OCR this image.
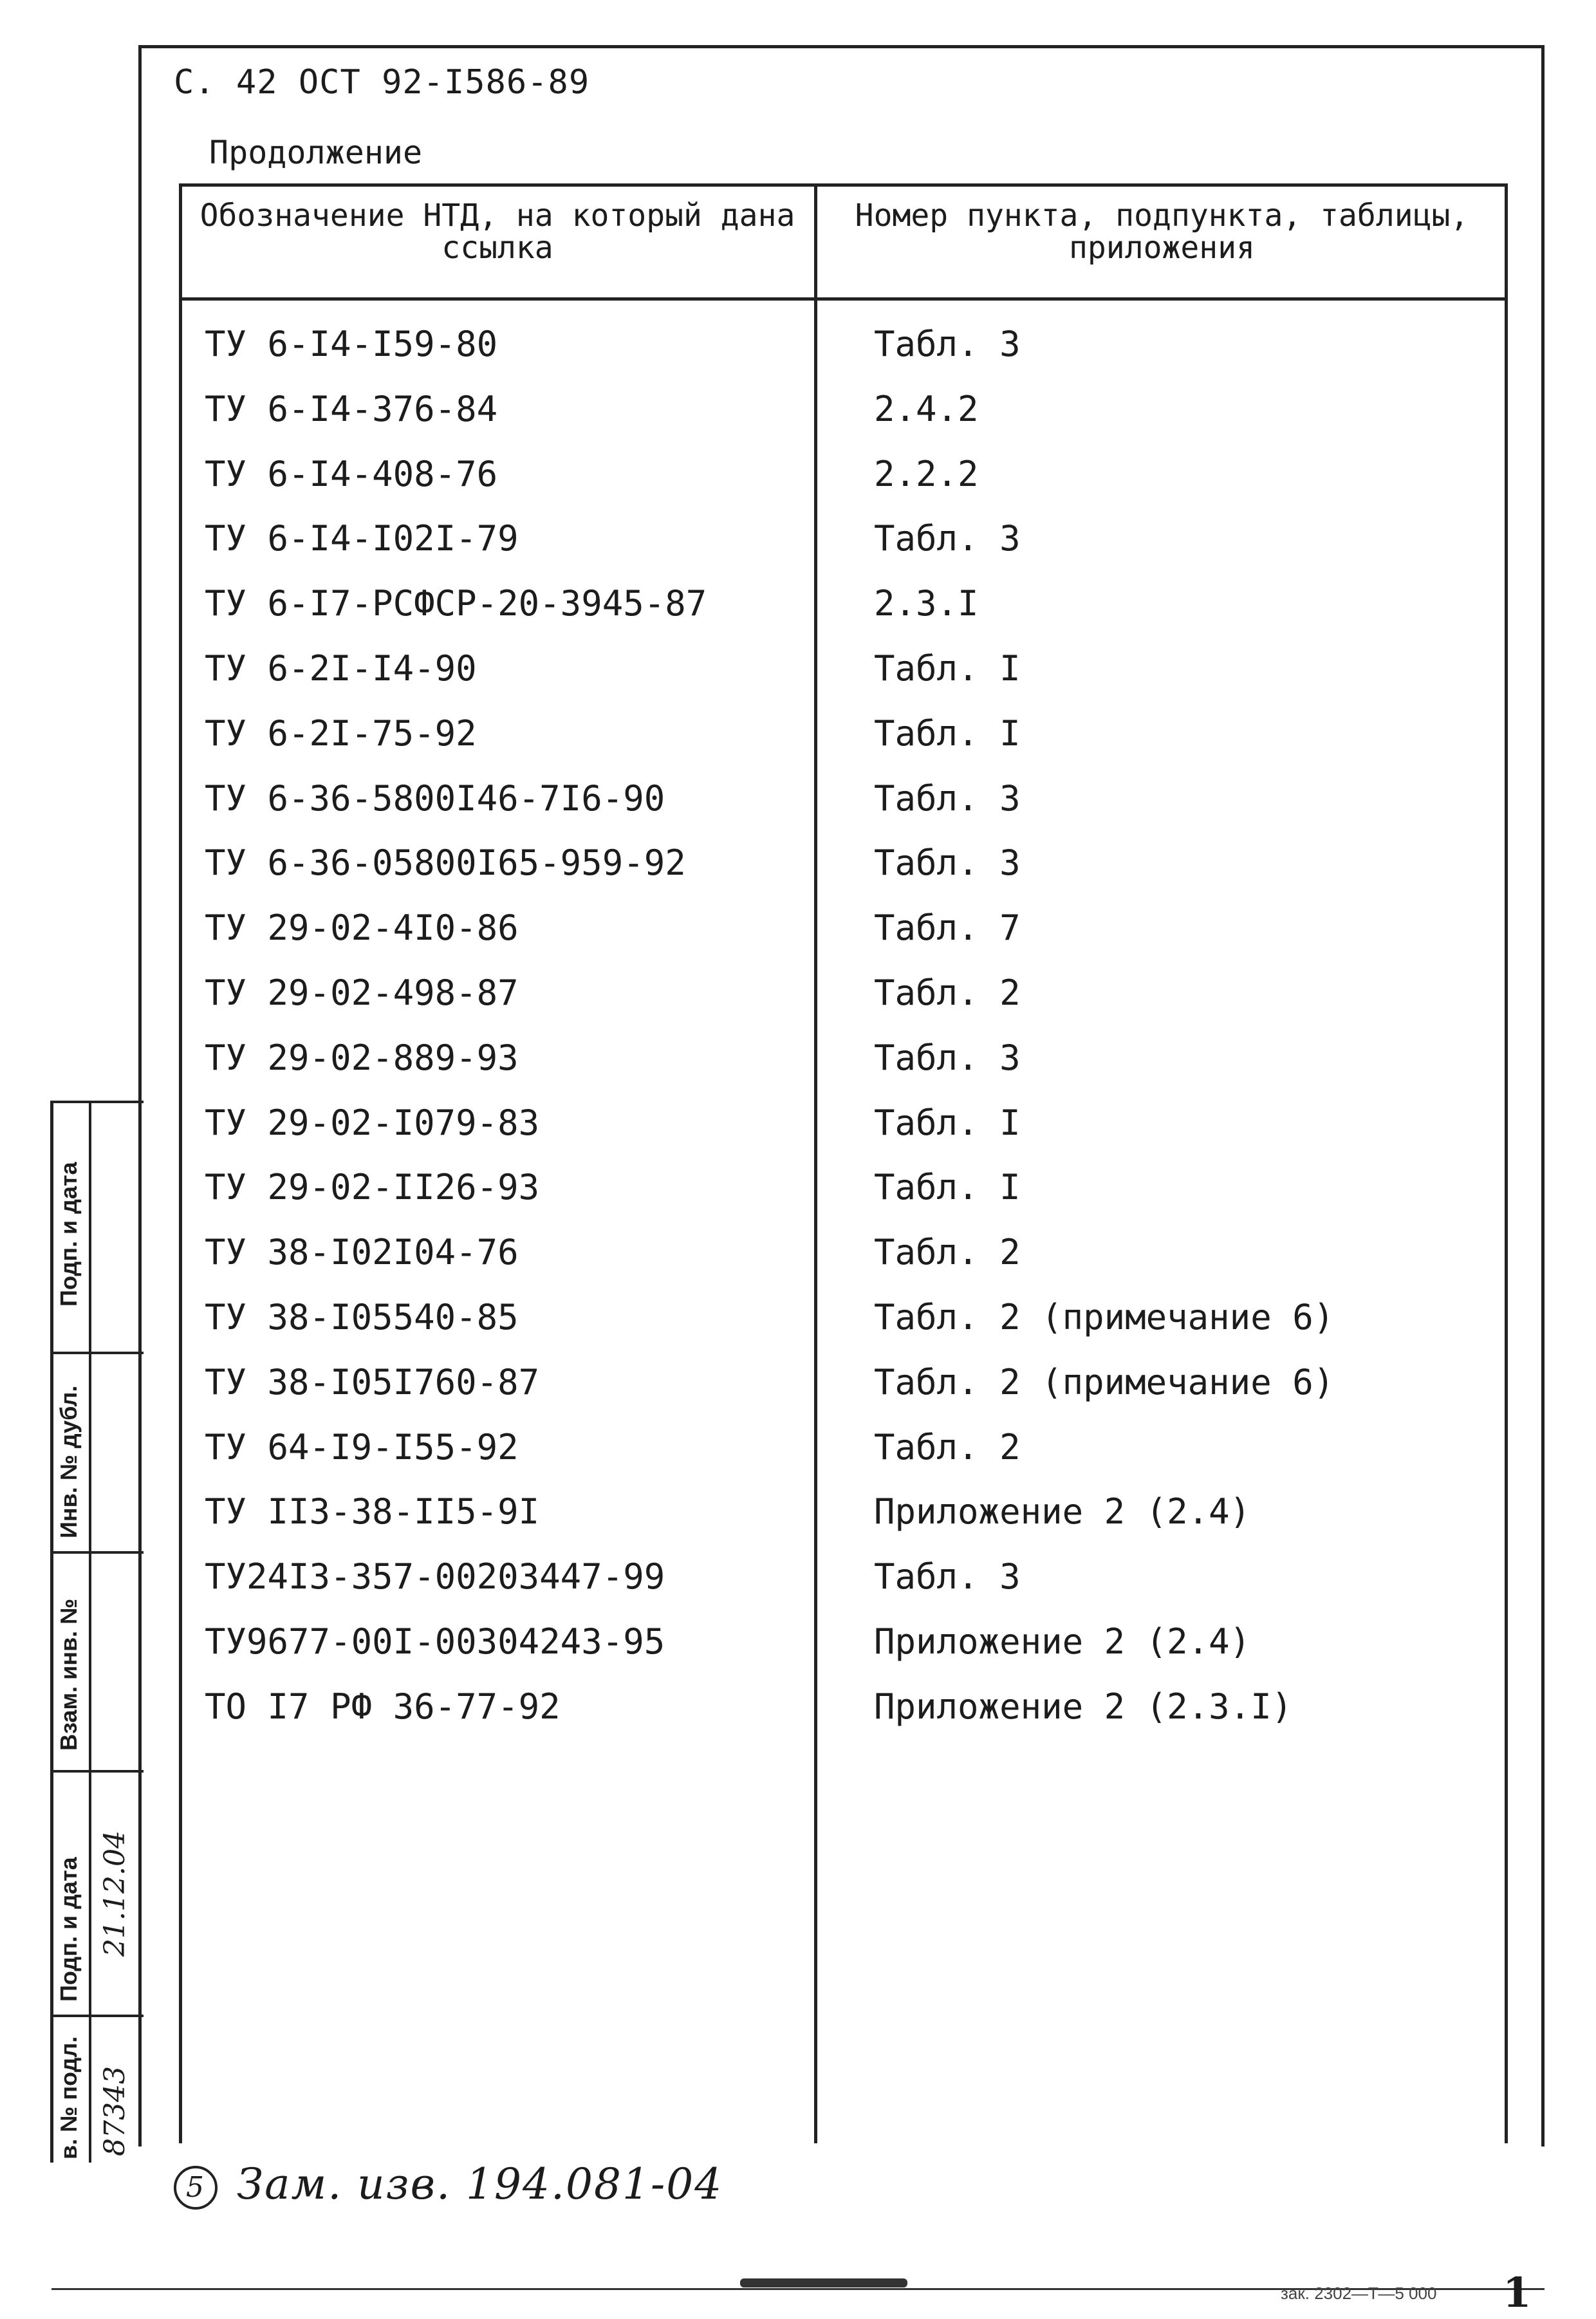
С. 42 ОСТ 92-I586-89
Продолжение
Обозначение НТД, на который дана ссылка
Номер пункта, подпункта, таблицы, приложения
ТУ 6-I4-I59-80	Табл. 3
ТУ 6-I4-376-84	2.4.2
ТУ 6-I4-408-76	2.2.2
ТУ 6-I4-I02I-79	Табл. 3
ТУ 6-I7-РСФСР-20-3945-87	2.3.I
ТУ 6-2I-I4-90	Табл. I
ТУ 6-2I-75-92	Табл. I
ТУ 6-36-5800I46-7I6-90	Табл. 3
ТУ 6-36-05800I65-959-92	Табл. 3
ТУ 29-02-4I0-86	Табл. 7
ТУ 29-02-498-87	Табл. 2
ТУ 29-02-889-93	Табл. 3
ТУ 29-02-I079-83	Табл. I
ТУ 29-02-II26-93	Табл. I
ТУ 38-I02I04-76	Табл. 2
ТУ 38-I05540-85	Табл. 2 (примечание 6)
ТУ 38-I05I760-87	Табл. 2 (примечание 6)
ТУ 64-I9-I55-92	Табл. 2
ТУ II3-38-II5-9I	Приложение 2 (2.4)
ТУ24I3-357-00203447-99	Табл. 3
ТУ9677-00I-00304243-95	Приложение 2 (2.4)
ТО I7 РФ 36-77-92	Приложение 2 (2.3.I)
Подп. и дата
Инв. № дубл.
Взам. инв. №
Подп. и дата
в. № подл.
21.12.04
87343
5 Зам. изв. 194.081-04
зак. 2302—Т—5 000 1
